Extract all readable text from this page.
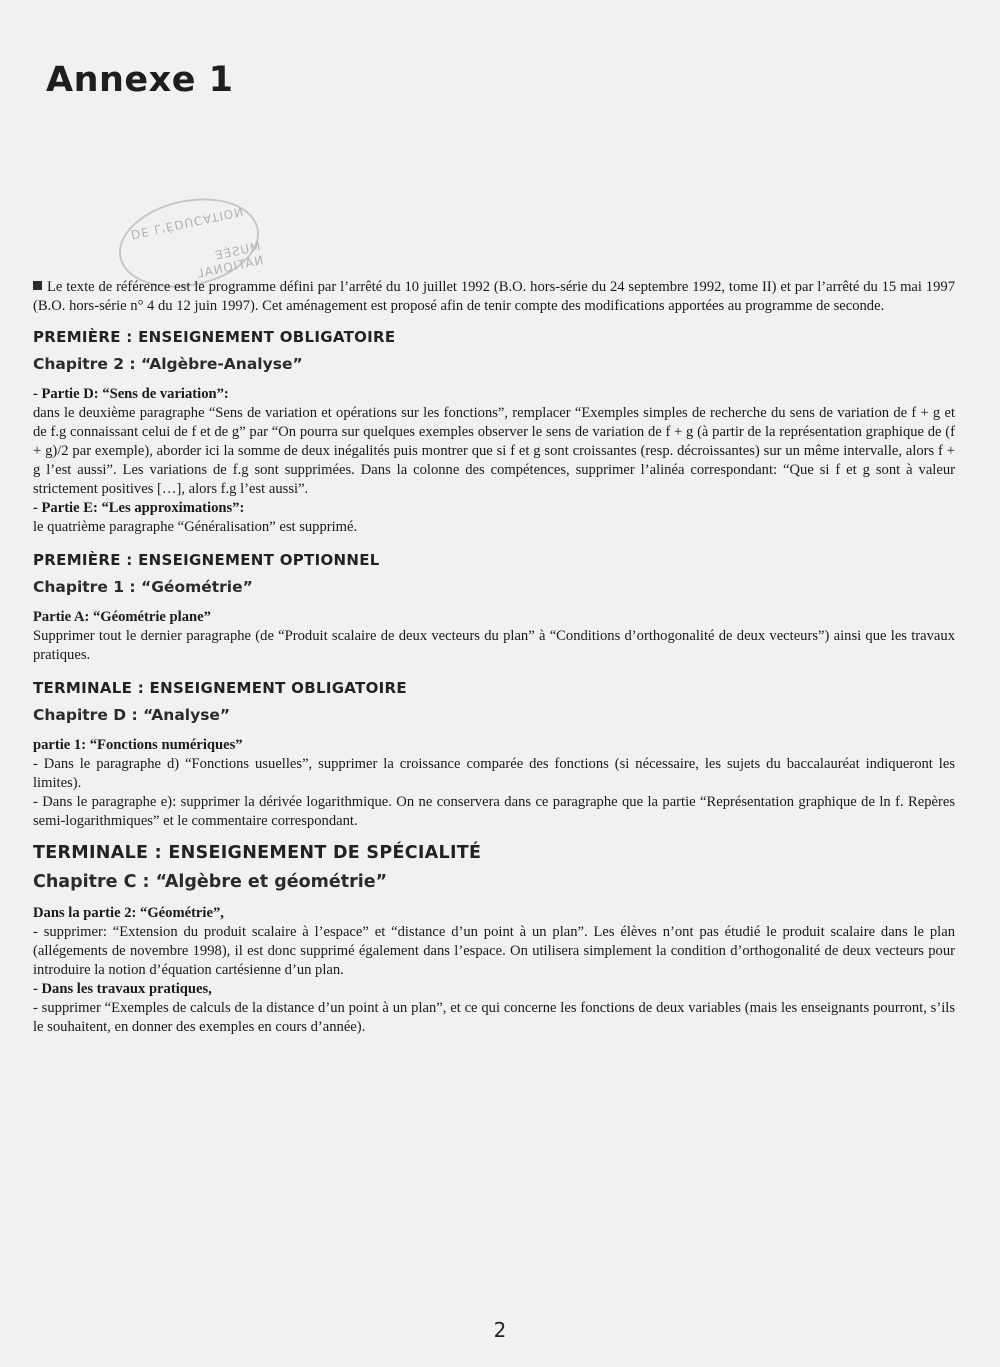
Annexe 1
DE L'ÉDUCATION
MUSÉE NATIONAL

Le texte de référence est le programme défini par l’arrêté du 10 juillet 1992 (B.O. hors-série du 24 septembre 1992, tome II) et par l’arrêté du 15 mai 1997 (B.O. hors-série n° 4 du 12 juin 1997). Cet aménagement est proposé afin de tenir compte des modifications apportées au programme de seconde.

PREMIÈRE : ENSEIGNEMENT OBLIGATOIRE
Chapitre 2 : “Algèbre-Analyse”

- Partie D: “Sens de variation”:

dans le deuxième paragraphe “Sens de variation et opérations sur les fonctions”, remplacer “Exemples simples de recherche du sens de variation de f + g et de f.g connaissant celui de f et de g” par “On pourra sur quelques exemples observer le sens de variation de f + g (à partir de la représentation graphique de (f + g)/2 par exemple), aborder ici la somme de deux inégalités puis montrer que si f et g sont croissantes (resp. décroissantes) sur un même intervalle, alors f + g l’est aussi”. Les variations de f.g sont supprimées. Dans la colonne des compétences, supprimer l’alinéa correspondant: “Que si f et g sont à valeur strictement positives […], alors f.g l’est aussi”.

- Partie E: “Les approximations”:

le quatrième paragraphe “Généralisation” est supprimé.

PREMIÈRE : ENSEIGNEMENT OPTIONNEL
Chapitre 1 : “Géométrie”

Partie A: “Géométrie plane”

Supprimer tout le dernier paragraphe (de “Produit scalaire de deux vecteurs du plan” à “Conditions d’orthogonalité de deux vecteurs”) ainsi que les travaux pratiques.

TERMINALE : ENSEIGNEMENT OBLIGATOIRE
Chapitre D : “Analyse”

partie 1: “Fonctions numériques”

- Dans le paragraphe d) “Fonctions usuelles”, supprimer la croissance comparée des fonctions (si nécessaire, les sujets du baccalauréat indiqueront les limites).

- Dans le paragraphe e): supprimer la dérivée logarithmique. On ne conservera dans ce paragraphe que la partie “Représentation graphique de ln f. Repères semi-logarithmiques” et le commentaire correspondant.

TERMINALE : ENSEIGNEMENT DE SPÉCIALITÉ
Chapitre C : “Algèbre et géométrie”

Dans la partie 2: “Géométrie”,

- supprimer: “Extension du produit scalaire à l’espace” et “distance d’un point à un plan”. Les élèves n’ont pas étudié le produit scalaire dans le plan (allégements de novembre 1998), il est donc supprimé également dans l’espace. On utilisera simplement la condition d’orthogonalité de deux vecteurs pour introduire la notion d’équation cartésienne d’un plan.

- Dans les travaux pratiques,

- supprimer “Exemples de calculs de la distance d’un point à un plan”, et ce qui concerne les fonctions de deux variables (mais les enseignants pourront, s’ils le souhaitent, en donner des exemples en cours d’année).

2
